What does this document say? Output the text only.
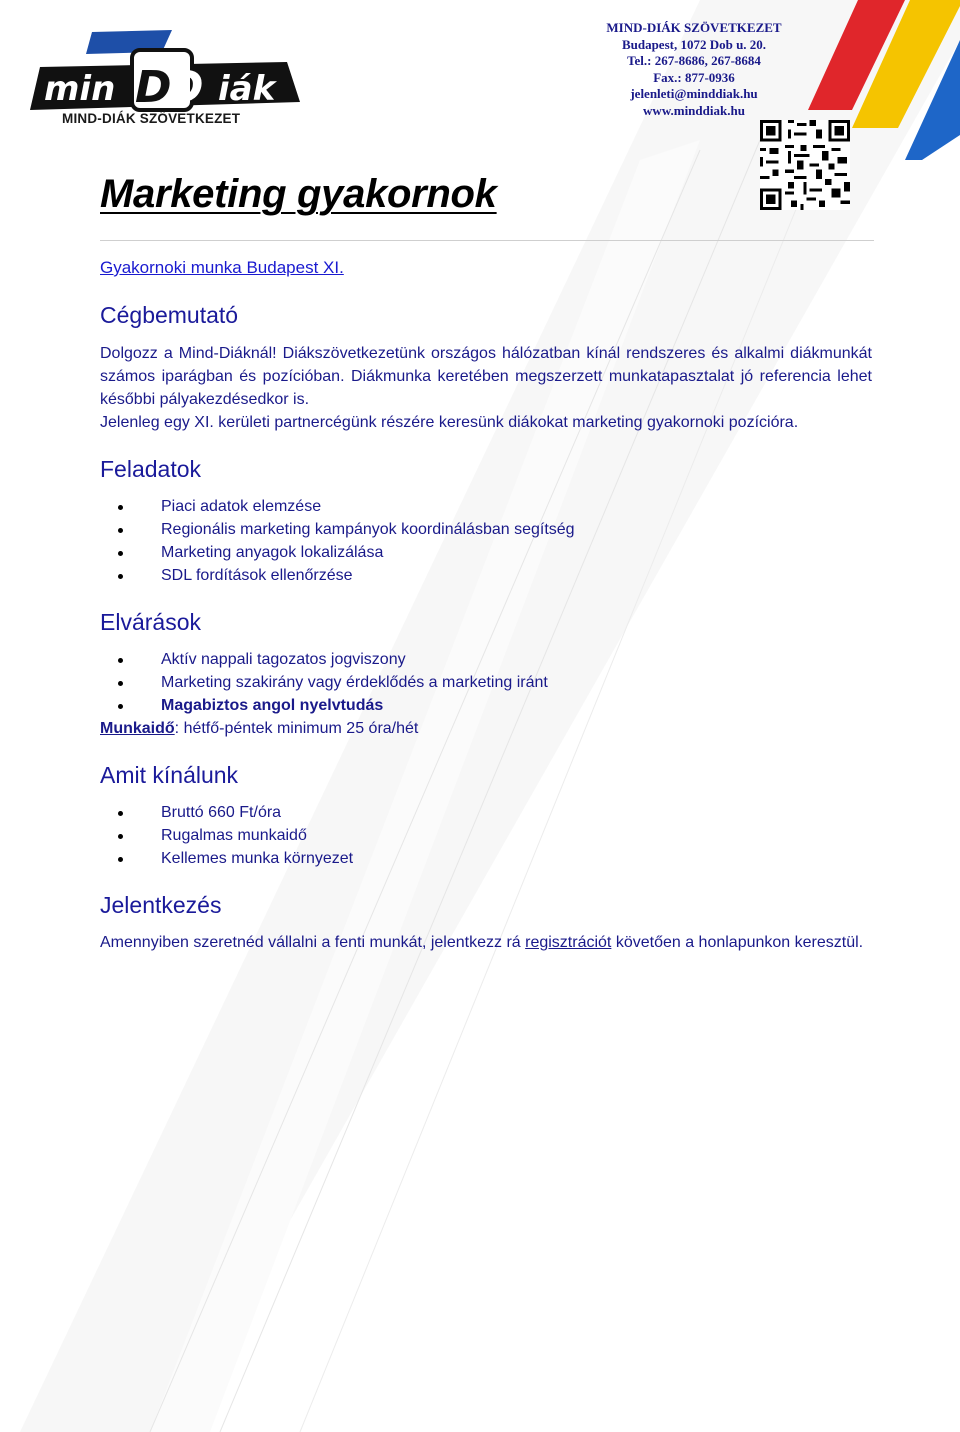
min D
D iák
MIND-DIÁK SZÖVETKEZET
MIND-DIÁK SZÖVETKEZET
Budapest, 1072 Dob u. 20.
Tel.: 267-8686, 267-8684
Fax.: 877-0936
jelenleti@minddiak.hu
www.minddiak.hu
Marketing gyakornok
Gyakornoki munka Budapest XI.
Cégbemutató

Dolgozz a Mind-Diáknál! Diákszövetkezetünk országos hálózatban kínál rendszeres és alkalmi diákmunkát számos iparágban és pozícióban. Diákmunka keretében megszerzett munkatapasztalat jó referencia lehet későbbi pályakezdésedkor is.

Jelenleg egy XI. kerületi partnercégünk részére keresünk diákokat marketing gyakornoki pozícióra.

Feladatok
Piaci adatok elemzése
Regionális marketing kampányok koordinálásban segítség
Marketing anyagok lokalizálása
SDL fordítások ellenőrzése
Elvárások
Aktív nappali tagozatos jogviszony
Marketing szakirány vagy érdeklődés a marketing iránt
Magabiztos angol nyelvtudás
Munkaidő: hétfő-péntek minimum 25 óra/hét
Amit kínálunk
Bruttó 660 Ft/óra
Rugalmas munkaidő
Kellemes munka környezet
Jelentkezés

Amennyiben szeretnéd vállalni a fenti munkát, jelentkezz rá regisztrációt követően a honlapunkon keresztül.
